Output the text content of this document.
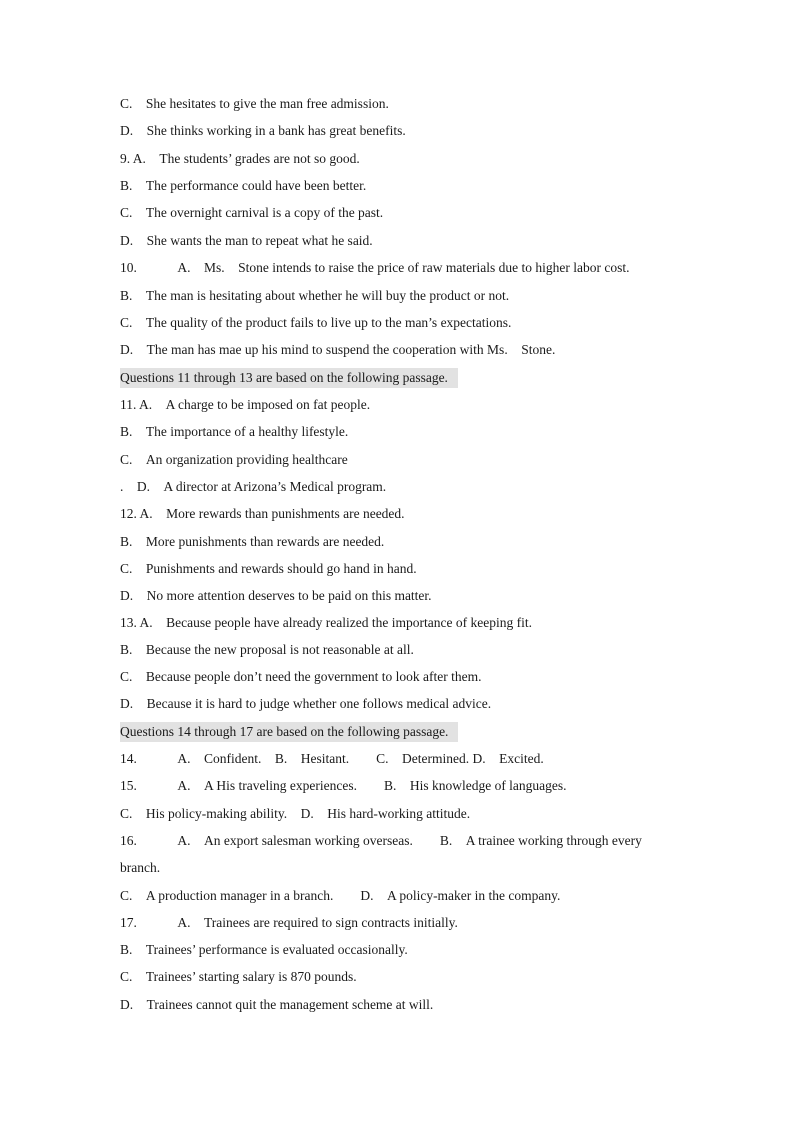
C. She hesitates to give the man free admission.
D. She thinks working in a bank has great benefits.
9. A. The students’ grades are not so good.
B. The performance could have been better.
C. The overnight carnival is a copy of the past.
D. She wants the man to repeat what he said.
10.   A. Ms. Stone intends to raise the price of raw materials due to higher labor cost.
B. The man is hesitating about whether he will buy the product or not.
C. The quality of the product fails to live up to the man’s expectations.
D. The man has mae up his mind to suspend the cooperation with Ms. Stone.
Questions 11 through 13 are based on the following passage.
11. A. A charge to be imposed on fat people.
B. The importance of a healthy lifestyle.
C. An organization providing healthcare
. D. A director at Arizona’s Medical program.
12. A. More rewards than punishments are needed.
B. More punishments than rewards are needed.
C. Punishments and rewards should go hand in hand.
D. No more attention deserves to be paid on this matter.
13. A. Because people have already realized the importance of keeping fit.
B. Because the new proposal is not reasonable at all.
C. Because people don’t need the government to look after them.
D. Because it is hard to judge whether one follows medical advice.
Questions 14 through 17 are based on the following passage.
14.   A. Confident. B. Hesitant.  C. Determined. D. Excited.
15.   A. A His traveling experiences.  B. His knowledge of languages.
C. His policy-making ability. D. His hard-working attitude.
16.   A. An export salesman working overseas.  B. A trainee working through every
branch.
C. A production manager in a branch.  D. A policy-maker in the company.
17.   A. Trainees are required to sign contracts initially.
B. Trainees’ performance is evaluated occasionally.
C. Trainees’ starting salary is 870 pounds.
D. Trainees cannot quit the management scheme at will.
